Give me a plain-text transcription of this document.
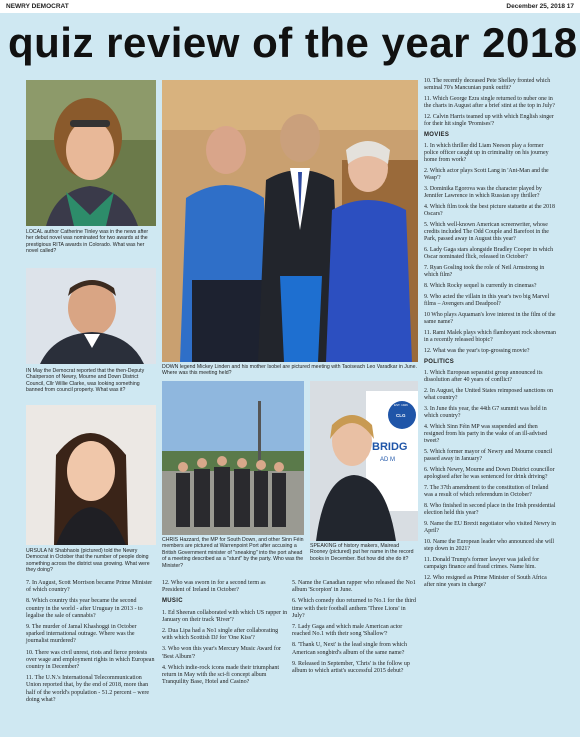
NEWRY DEMOCRAT	December 25, 2018 17
quiz review of the year 2018
LOCAL author Catherine Tinley was in the news after her debut novel was nominated for two awards at the prestigious RITA awards in Colorado. What was her novel called?
IN May the Democrat reported that the then-Deputy Chairperson of Newry, Mourne and Down District Council, Cllr Willie Clarke, was looking something banned from council property. What was it?
URSULA Ní Shabhaois (pictured) told the Newry Democrat in October that the number of people doing something across the district was growing. What were they doing?
DOWN legend Mickey Linden and his mother Isobel are pictured meeting with Taoiseach Leo Varadkar in June. Where was this meeting held?
CHRIS Hazzard, the MP for South Down, and other Sinn Féin members are pictured at Warrenpoint Port after accusing a British Government minister of "sneaking" into the port ahead of a meeting described as a "stunt" by the party. Who was the Minister?
EST. 1926
CLG
BRIDG
AD M
SPEAKING of history makers, Mairead Rooney (pictured) put her name in the record books in December. But how did she do it?

7. In August, Scott Morrison became Prime Minister of which country?

8. Which country this year became the second country in the world - after Uruguay in 2013 - to legalise the sale of cannabis?

9. The murder of Jamal Khashoggi in October sparked international outrage. Where was the journalist murdered?

10. There was civil unrest, riots and fierce protests over wage and employment rights in which European country in December?

11. The U.N.'s International Telecommunication Union reported that, by the end of 2018, more than half of the world's population - 51.2 percent – were doing what?

12. Who was sworn in for a second term as President of Ireland in October?

MUSIC

1. Ed Sheeran collaborated with which US rapper in January on their track 'River'?

2. Dua Lipa had a No1 single after collaborating with which Scottish DJ for 'One Kiss'?

3. Who won this year's Mercury Music Award for 'Best Album'?

4. Which indie-rock icons made their triumphant return in May with the sci-fi concept album Tranquility Base, Hotel and Casino?

5. Name the Canadian rapper who released the No1 album 'Scorpion' in June.

6. Which comedy duo returned to No.1 for the third time with their football anthem 'Three Lions' in July?

7. Lady Gaga and which male American actor reached No.1 with their song 'Shallow'?

8. 'Thank U, Next' is the lead single from which American songbird's album of the same name?

9. Released in September, 'Chris' is the follow up album to which artist's successful 2015 debut?

10. The recently deceased Pete Shelley fronted which seminal 70's Mancunian punk outfit?

11. Which George Ezra single returned to nuber one in the charts in August after a brief stint at the top in July?

12. Calvin Harris teamed up with which English singer for their hit single 'Promises'?

MOVIES

1. In which thriller did Liam Neeson play a former police officer caught up in criminality on his journey home from work?

2. Which actor plays Scott Lang in 'Ant-Man and the Wasp'?

3. Dominika Egorova was the character played by Jennifer Lawrence in which Russian spy thriller?

4. Which film took the best picture statuette at the 2018 Oscars?

5. Which well-known American screenwriter, whose credits included The Odd Couple and Barefoot in the Park, passed away in August this year?

6. Lady Gaga stars alongside Bradley Cooper in which Oscar nominated flick, released in October?

7. Ryan Gosling took the role of Neil Armstrong in which film?

8. Which Rocky sequel is currently in cinemas?

9. Who acted the villain in this year's two big Marvel films – Avengers and Deadpool?

10 Who plays Aquaman's love interest in the film of the same name?

11. Rami Malek plays which flamboyant rock showman in a recently released biopic?

12. What was the year's top-grossing movie?

POLITICS

1. Which European separatist group announced its dissolution after 40 years of conflict?

2. In August, the United States reimposed sanctions on what country?

3. In June this year, the 44th G7 summit was held in which country?

4. Which Sinn Féin MP was suspended and then resigned from his party in the wake of an ill-advised tweet?

5. Which former mayor of Newry and Mourne council passed away in January?

6. Which Newry, Mourne and Down District councillor apologised after he was sentenced for drink driving?

7. The 37th amendment to the constitution of Ireland was a result of which referendum in October?

8. Who finished in second place in the Irish presidential election held this year?

9. Name the EU Brexit negotiator who visited Newry in April?

10. Name the European leader who announced she will step down in 2021?

11. Donald Trump's former lawyer was jailed for campaign finance and fraud crimes. Name him.

12. Who resigned as Prime Minister of South Africa after nine years in charge?
